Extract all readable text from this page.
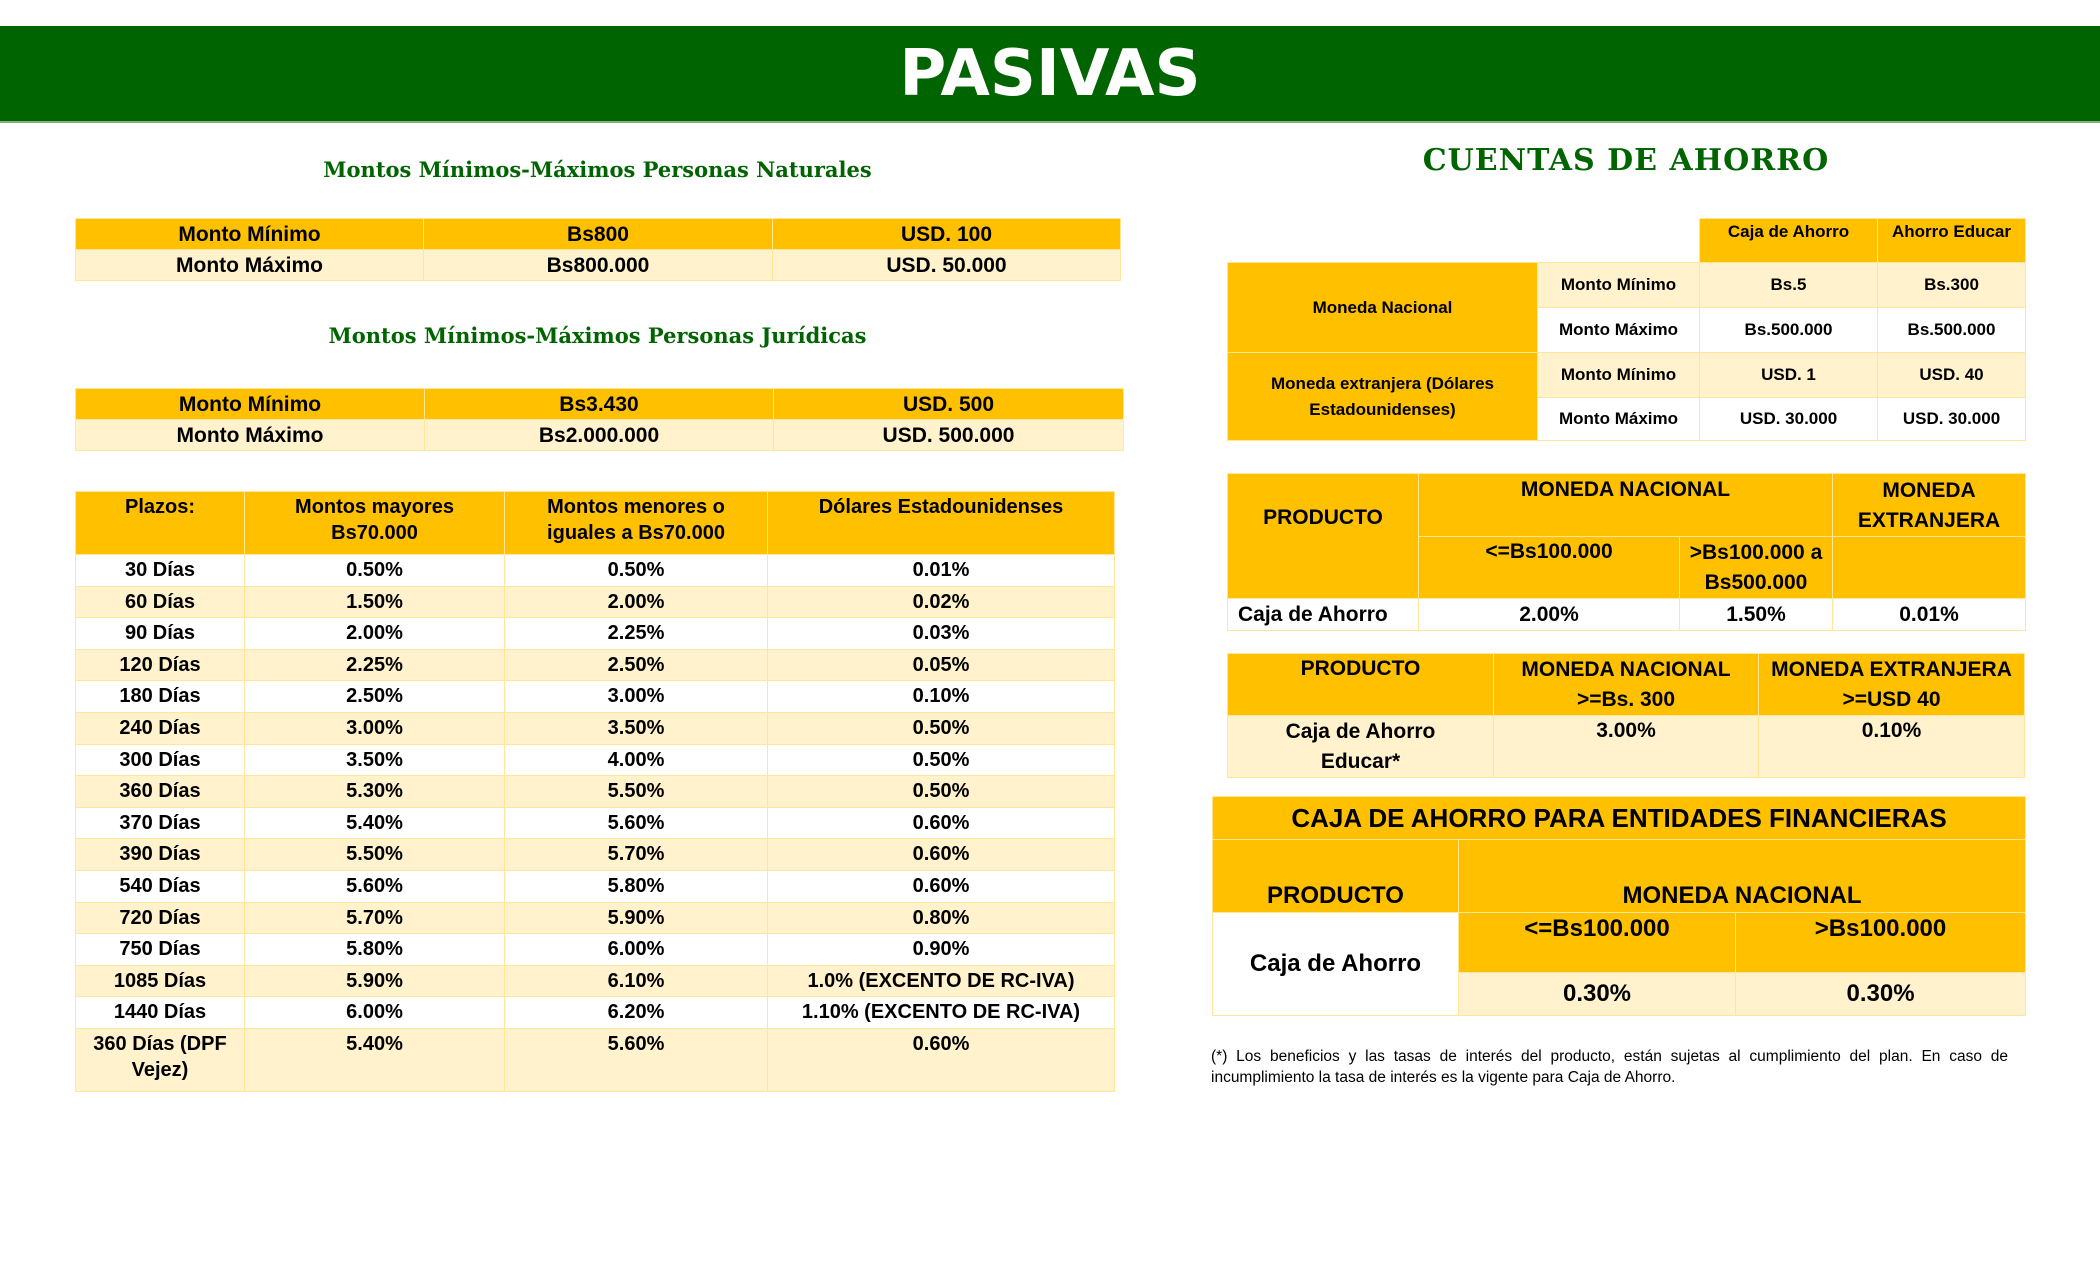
PASIVAS
Montos Mínimos-Máximos Personas Naturales
Monto Mínimo	Bs800	USD. 100
Monto Máximo	Bs800.000	USD. 50.000
Montos Mínimos-Máximos Personas Jurídicas
Monto Mínimo	Bs3.430	USD. 500
Monto Máximo	Bs2.000.000	USD. 500.000
Plazos:	Montos mayores Bs70.000	Montos menores o iguales a Bs70.000	Dólares Estadounidenses
30 Días	0.50%	0.50%	0.01%
60 Días	1.50%	2.00%	0.02%
90 Días	2.00%	2.25%	0.03%
120 Días	2.25%	2.50%	0.05%
180 Días	2.50%	3.00%	0.10%
240 Días	3.00%	3.50%	0.50%
300 Días	3.50%	4.00%	0.50%
360 Días	5.30%	5.50%	0.50%
370 Días	5.40%	5.60%	0.60%
390 Días	5.50%	5.70%	0.60%
540 Días	5.60%	5.80%	0.60%
720 Días	5.70%	5.90%	0.80%
750 Días	5.80%	6.00%	0.90%
1085 Días	5.90%	6.10%	1.0% (EXCENTO DE RC-IVA)
1440 Días	6.00%	6.20%	1.10% (EXCENTO DE RC-IVA)
360 Días (DPF Vejez)	5.40%	5.60%	0.60%
CUENTAS DE AHORRO
		Caja de Ahorro	Ahorro Educar
Moneda Nacional	Monto Mínimo	Bs.5	Bs.300
	Monto Máximo	Bs.500.000	Bs.500.000
Moneda extranjera (Dólares Estadounidenses)	Monto Mínimo	USD. 1	USD. 40
	Monto Máximo	USD. 30.000	USD. 30.000
PRODUCTO	MONEDA NACIONAL		MONEDA EXTRANJERA
	<=Bs100.000	>Bs100.000 a Bs500.000	
Caja de Ahorro	2.00%	1.50%	0.01%
PRODUCTO	MONEDA NACIONAL >=Bs. 300	MONEDA EXTRANJERA >=USD 40
Caja de Ahorro Educar*	3.00%	0.10%
CAJA DE AHORRO PARA ENTIDADES FINANCIERAS		
PRODUCTO	MONEDA NACIONAL	
Caja de Ahorro	<=Bs100.000	>Bs100.000
	0.30%	0.30%
(*) Los beneficios y las tasas de interés del producto, están sujetas al cumplimiento del plan. En caso de incumplimiento la tasa de interés es la vigente para Caja de Ahorro.
